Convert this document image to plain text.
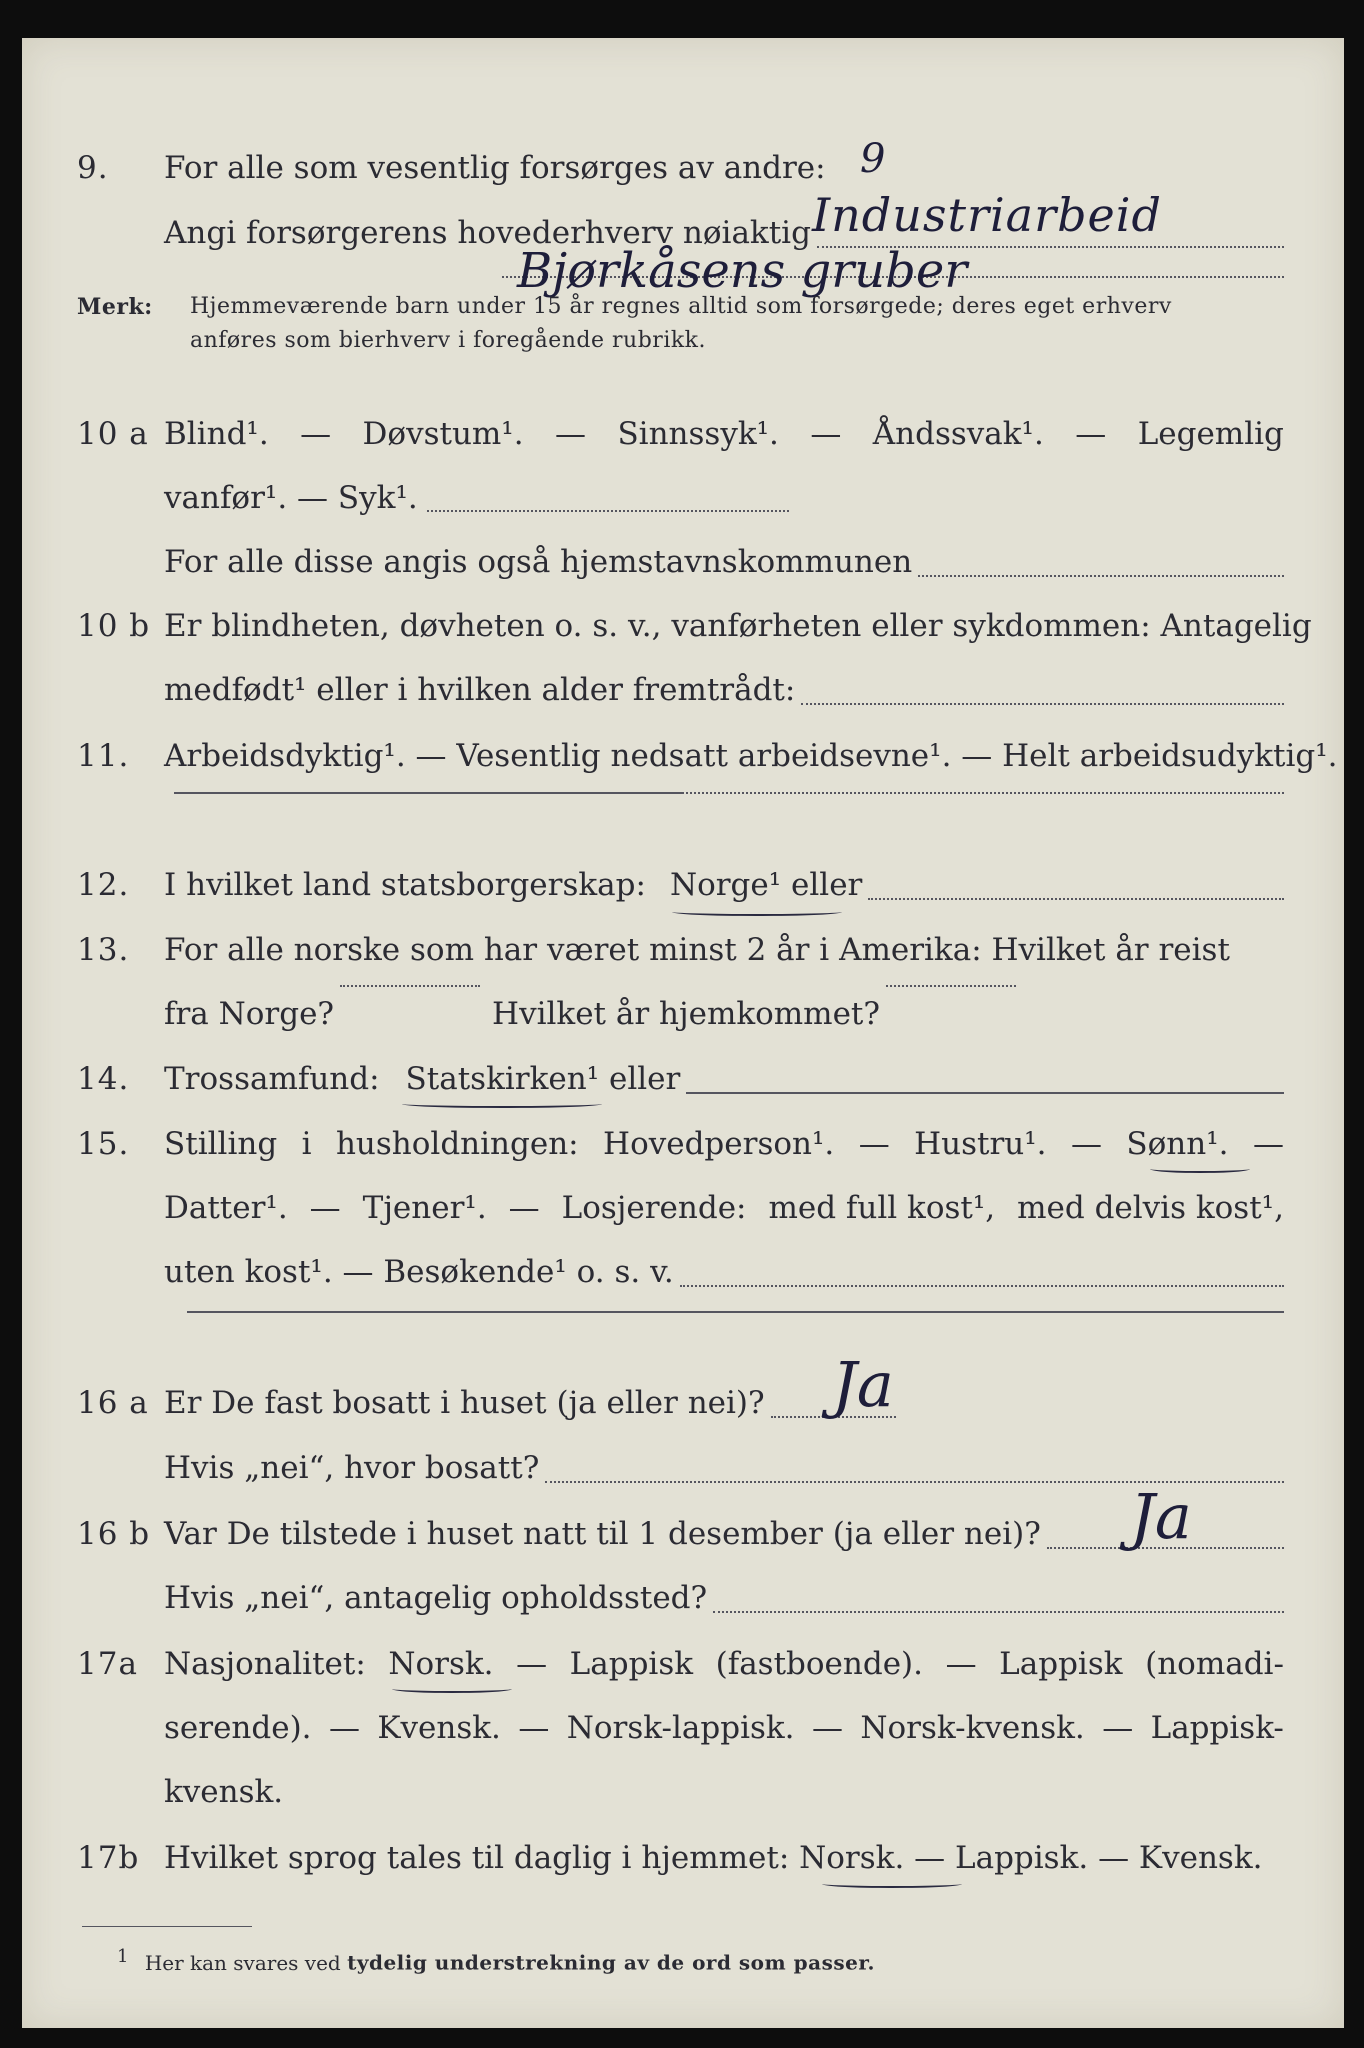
9. For alle som vesentlig forsørges av andre: 9
Angi forsørgerens hovederhverv nøiaktig Industriarbeid
Bjørkåsens gruber
Merk: Hjemmeværende barn under 15 år regnes alltid som forsørgede; deres eget erhverv
anføres som bierhverv i foregående rubrikk.
10 a Blind¹. — Døvstum¹. — Sinnssyk¹. — Åndssvak¹. — Legemlig
vanfør¹. — Syk¹.
For alle disse angis også hjemstavnskommunen
10 b Er blindheten, døvheten o. s. v., vanførheten eller sykdommen: Antagelig
medfødt¹ eller i hvilken alder fremtrådt:
11. Arbeidsdyktig¹. — Vesentlig nedsatt arbeidsevne¹. — Helt arbeidsudyktig¹.
12. I hvilket land statsborgerskap: Norge¹ eller
13. For alle norske som har været minst 2 år i Amerika: Hvilket år reist
fra Norge?	Hvilket år hjemkommet?
14. Trossamfund: Statskirken¹ eller
15. Stilling i husholdningen: Hovedperson¹. — Hustru¹. — Sønn¹. —
Datter¹. — Tjener¹. — Losjerende: med full kost¹, med delvis kost¹,
uten kost¹. — Besøkende¹ o. s. v.
16 a Er De fast bosatt i huset (ja eller nei)? Ja
Hvis „nei“, hvor bosatt?
16 b Var De tilstede i huset natt til 1 desember (ja eller nei)? Ja
Hvis „nei“, antagelig opholdssted?
17a Nasjonalitet: Norsk. — Lappisk (fastboende). — Lappisk (nomadi-
serende). — Kvensk. — Norsk-lappisk. — Norsk-kvensk. — Lappisk-
kvensk.
17b Hvilket sprog tales til daglig i hjemmet: Norsk. — Lappisk. — Kvensk.
1 Her kan svares ved tydelig understrekning av de ord som passer.
